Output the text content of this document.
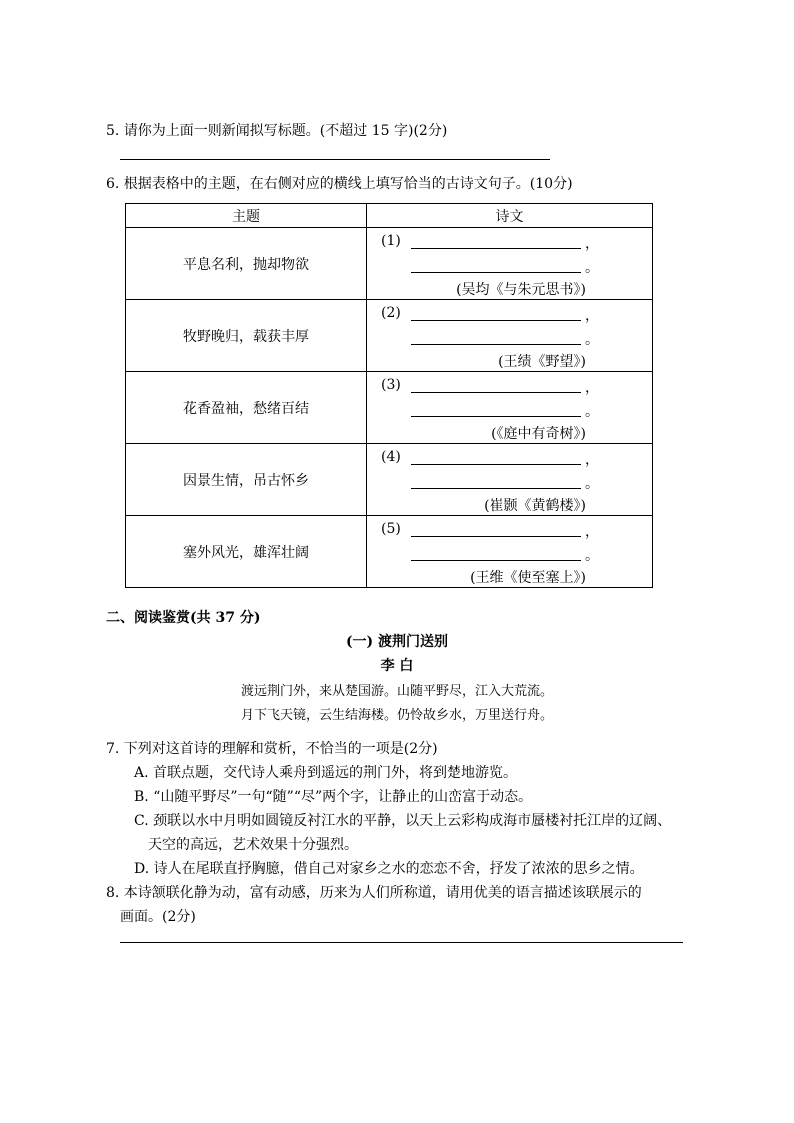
5. 请你为上面一则新闻拟写标题。(不超过 15 字)(2分)
6. 根据表格中的主题，在右侧对应的横线上填写恰当的古诗文句子。(10分)
主题	诗文
平息名利，抛却物欲	(1) ，
。
(吴均《与朱元思书》)

牧野晚归，载获丰厚	(2) ，
。
(王绩《野望》)

花香盈袖，愁绪百结	(3) ，
。
(《庭中有奇树》)

因景生情，吊古怀乡	(4) ，
。
(崔颢《黄鹤楼》)

塞外风光，雄浑壮阔	(5) ，
。
(王维《使至塞上》)
二、阅读鉴赏(共 37 分)
(一) 渡荆门送别
李 白
渡远荆门外，来从楚国游。山随平野尽，江入大荒流。
月下飞天镜，云生结海楼。仍怜故乡水，万里送行舟。
7. 下列对这首诗的理解和赏析，不恰当的一项是(2分)
A. 首联点题，交代诗人乘舟到遥远的荆门外，将到楚地游览。
B. “山随平野尽”一句“随”“尽”两个字，让静止的山峦富于动态。
C. 颈联以水中月明如圆镜反衬江水的平静，以天上云彩构成海市蜃楼衬托江岸的辽阔、
天空的高远，艺术效果十分强烈。
D. 诗人在尾联直抒胸臆，借自己对家乡之水的恋恋不舍，抒发了浓浓的思乡之情。
8. 本诗颔联化静为动，富有动感，历来为人们所称道，请用优美的语言描述该联展示的
画面。(2分)
